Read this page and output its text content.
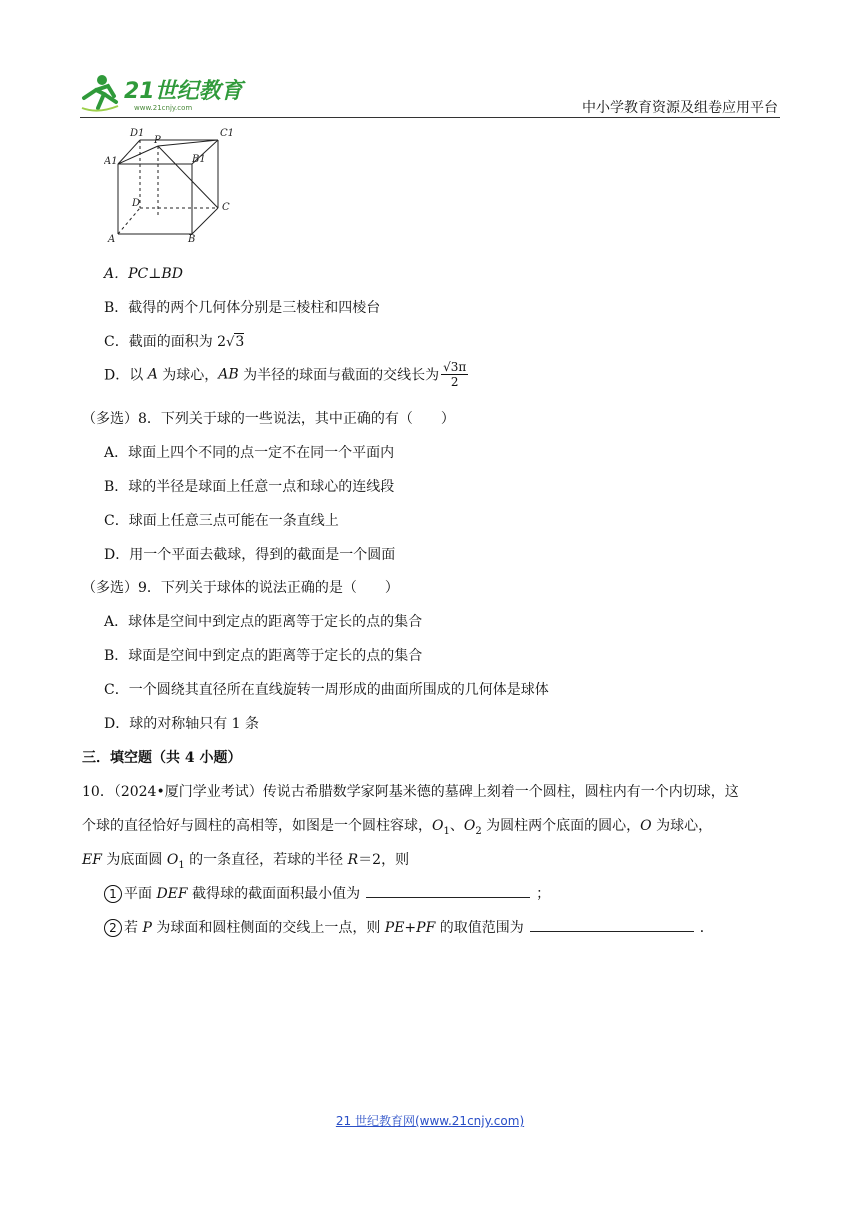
21世纪教育
www.21cnjy.com	中小学教育资源及组卷应用平台
D1	C1
P
A1	B1
D	C
A	B
A．PC⊥BD
B．截得的两个几何体分别是三棱柱和四棱台
C．截面的面积为 2√3
D．以 A 为球心，AB 为半径的球面与截面的交线长为 $\frac{√3\pi}{2}$
（多选）8．下列关于球的一些说法，其中正确的有（　　）
A．球面上四个不同的点一定不在同一个平面内
B．球的半径是球面上任意一点和球心的连线段
C．球面上任意三点可能在一条直线上
D．用一个平面去截球，得到的截面是一个圆面
（多选）9．下列关于球体的说法正确的是（　　）
A．球体是空间中到定点的距离等于定长的点的集合
B．球面是空间中到定点的距离等于定长的点的集合
C．一个圆绕其直径所在直线旋转一周形成的曲面所围成的几何体是球体
D．球的对称轴只有 1 条
三．填空题（共 4 小题）
10．（2024•厦门学业考试）传说古希腊数学家阿基米德的墓碑上刻着一个圆柱，圆柱内有一个内切球，这
个球的直径恰好与圆柱的高相等，如图是一个圆柱容球，$O_1$、$O_2$ 为圆柱两个底面的圆心，O 为球心，
EF 为底面圆 $O_1$ 的一条直径，若球的半径 R＝2，则
1 平面 DEF 截得球的截面面积最小值为	；
2 若 P 为球面和圆柱侧面的交线上一点，则 PE+PF 的取值范围为	．
21 世纪教育网(www.21cnjy.com)
